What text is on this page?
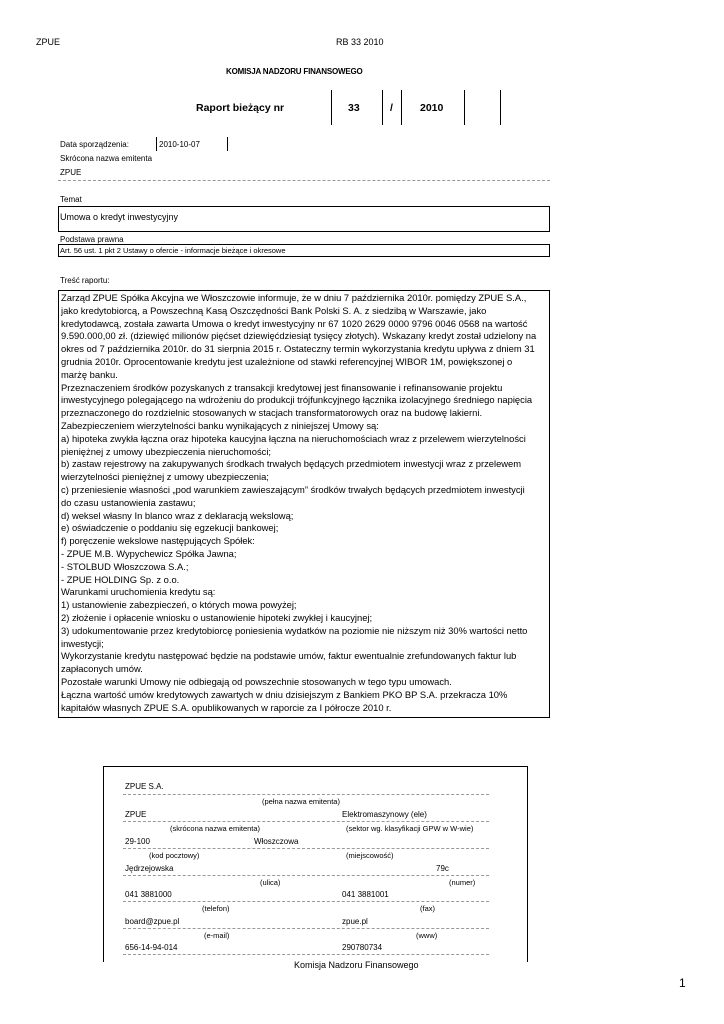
ZPUE	RB 33 2010
KOMISJA NADZORU FINANSOWEGO
Raport bieżący nr	33	/	2010
Data sporządzenia:	2010-10-07
Skrócona nazwa emitenta
ZPUE
Temat
Umowa o kredyt inwestycyjny
Podstawa prawna
Art. 56 ust. 1 pkt 2 Ustawy o ofercie - informacje bieżące i okresowe
Treść raportu:

Zarząd ZPUE Spółka Akcyjna we Włoszczowie informuje, że w dniu 7 października 2010r. pomiędzy ZPUE S.A.,

jako kredytobiorcą, a Powszechną Kasą Oszczędności Bank Polski S. A. z siedzibą w Warszawie, jako

kredytodawcą, została zawarta Umowa o kredyt inwestycyjny nr 67 1020 2629 0000 9796 0046 0568 na wartość

9.590.000,00 zł. (dziewięć milionów pięćset dziewięćdziesiąt tysięcy złotych). Wskazany kredyt został udzielony na

okres od 7 października 2010r. do 31 sierpnia 2015 r. Ostateczny termin wykorzystania kredytu upływa z dniem 31

grudnia 2010r. Oprocentowanie kredytu jest uzależnione od stawki referencyjnej WIBOR 1M, powiększonej o

marżę banku.

Przeznaczeniem środków pozyskanych z transakcji kredytowej jest finansowanie i refinansowanie projektu

inwestycyjnego polegającego na wdrożeniu do produkcji trójfunkcyjnego łącznika izolacyjnego średniego napięcia

przeznaczonego do rozdzielnic stosowanych w stacjach transformatorowych oraz na budowę lakierni.

Zabezpieczeniem wierzytelności banku wynikających z niniejszej Umowy są:

a) hipoteka zwykła łączna oraz hipoteka kaucyjna łączna na nieruchomościach wraz z przelewem wierzytelności

pieniężnej z umowy ubezpieczenia nieruchomości;

b) zastaw rejestrowy na zakupywanych środkach trwałych będących przedmiotem inwestycji wraz z przelewem

wierzytelności pieniężnej z umowy ubezpieczenia;

c) przeniesienie własności „pod warunkiem zawieszającym” środków trwałych będących przedmiotem inwestycji

do czasu ustanowienia zastawu;

d) weksel własny In blanco wraz z deklaracją wekslową;

e) oświadczenie o poddaniu się egzekucji bankowej;

f) poręczenie wekslowe następujących Spółek:

- ZPUE M.B. Wypychewicz Spółka Jawna;

- STOLBUD Włoszczowa S.A.;

- ZPUE HOLDING Sp. z o.o.

Warunkami uruchomienia kredytu są:

1) ustanowienie zabezpieczeń, o których mowa powyżej;

2) złożenie i opłacenie wniosku o ustanowienie hipoteki zwykłej i kaucyjnej;

3) udokumentowanie przez kredytobiorcę poniesienia wydatków na poziomie nie niższym niż 30% wartości netto

inwestycji;

Wykorzystanie kredytu następować będzie na podstawie umów, faktur ewentualnie zrefundowanych faktur lub

zapłaconych umów.

Pozostałe warunki Umowy nie odbiegają od powszechnie stosowanych w tego typu umowach.

Łączna wartość umów kredytowych zawartych w dniu dzisiejszym z Bankiem PKO BP S.A. przekracza 10%

kapitałów własnych ZPUE S.A. opublikowanych w raporcie za I półrocze 2010 r.

ZPUE S.A.
(pełna nazwa emitenta)
ZPUE	Elektromaszynowy (ele)
(skrócona nazwa emitenta)	(sektor wg. klasyfikacji GPW w W-wie)
29-100	Włoszczowa
(kod pocztowy)	(miejscowość)
Jędrzejowska	79c
(ulica)	(numer)
041 3881000	041 3881001
(telefon)	(fax)
board@zpue.pl	zpue.pl
(e-mail)	(www)
656-14-94-014	290780734
Komisja Nadzoru Finansowego
1
